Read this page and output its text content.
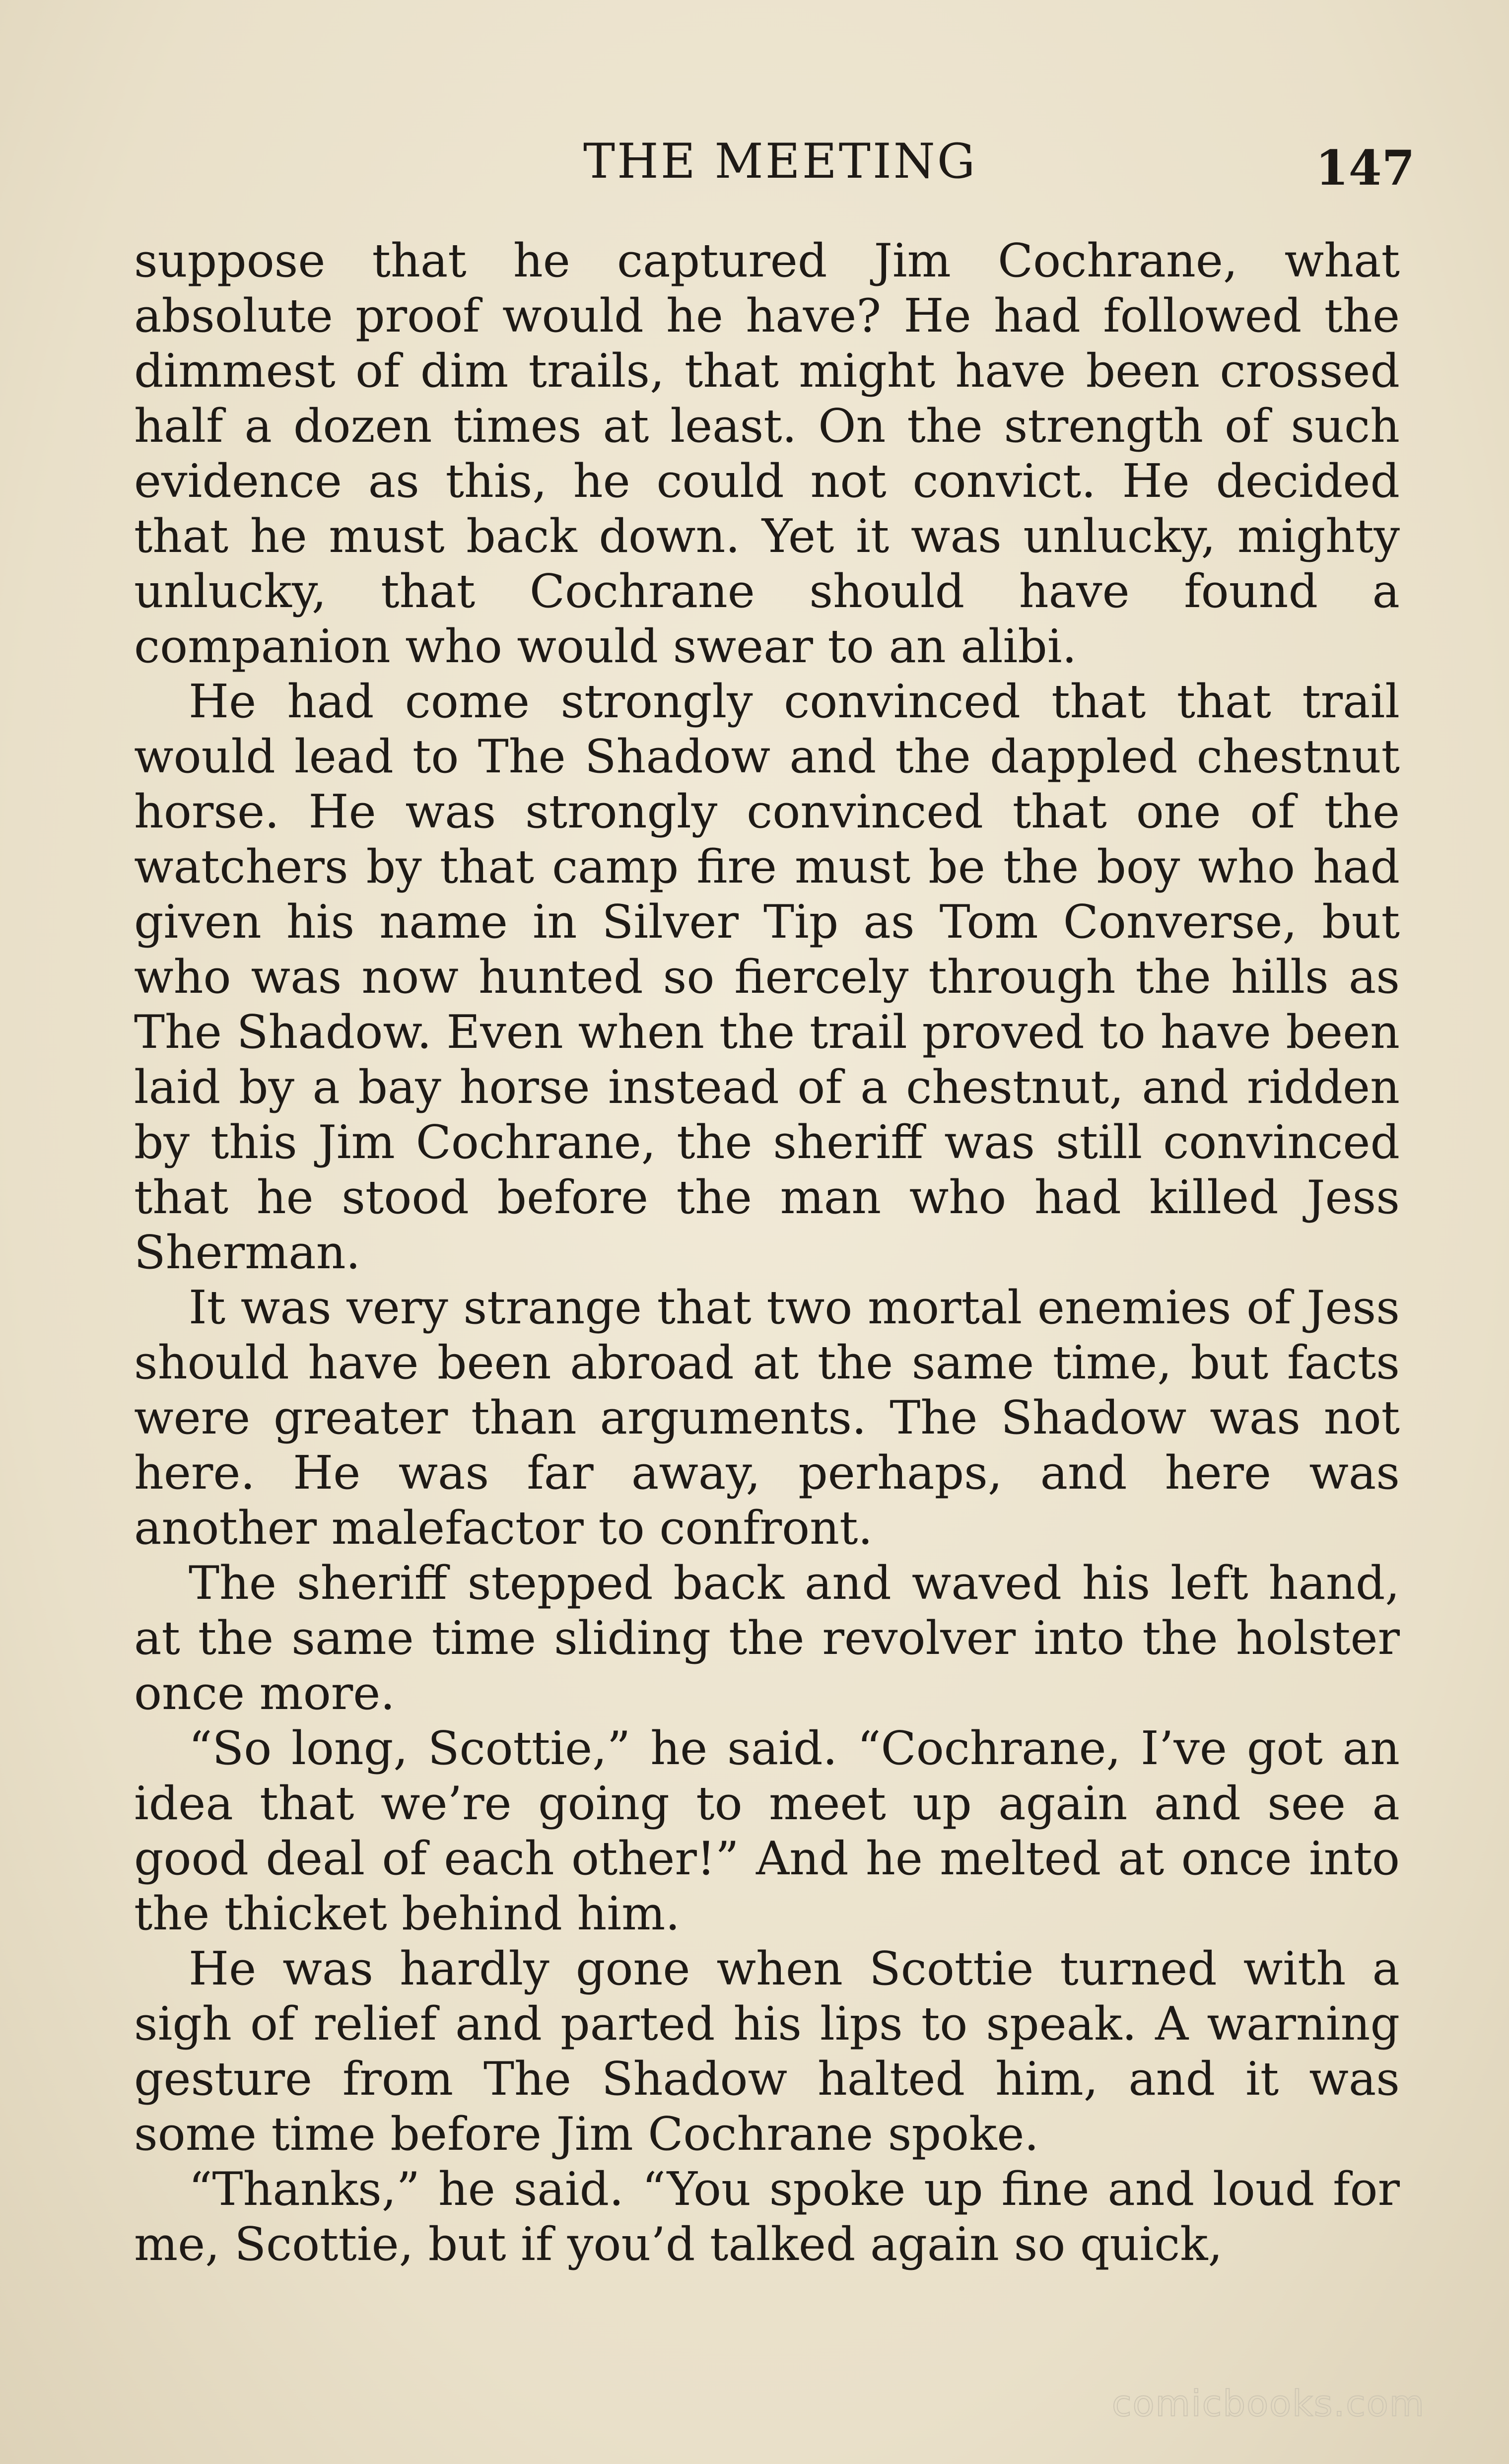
THE MEETING	147

suppose that he captured Jim Cochrane, what absolute proof would he have? He had followed the dimmest of dim trails, that might have been crossed half a dozen times at least. On the strength of such evidence as this, he could not convict. He decided that he must back down. Yet it was unlucky, mighty unlucky, that Cochrane should have found a companion who would swear to an alibi.

He had come strongly convinced that that trail would lead to The Shadow and the dappled chestnut horse. He was strongly convinced that one of the watchers by that camp fire must be the boy who had given his name in Silver Tip as Tom Converse, but who was now hunted so fiercely through the hills as The Shadow. Even when the trail proved to have been laid by a bay horse instead of a chestnut, and ridden by this Jim Cochrane, the sheriff was still convinced that he stood before the man who had killed Jess Sherman.

It was very strange that two mortal enemies of Jess should have been abroad at the same time, but facts were greater than arguments. The Shadow was not here. He was far away, perhaps, and here was another malefactor to confront.

The sheriff stepped back and waved his left hand, at the same time sliding the revolver into the holster once more.

“So long, Scottie,” he said. “Cochrane, I’ve got an idea that we’re going to meet up again and see a good deal of each other!” And he melted at once into the thicket behind him.

He was hardly gone when Scottie turned with a sigh of relief and parted his lips to speak. A warning gesture from The Shadow halted him, and it was some time before Jim Cochrane spoke.

“Thanks,” he said. “You spoke up fine and loud for me, Scottie, but if you’d talked again so quick,

comicbooks.com
